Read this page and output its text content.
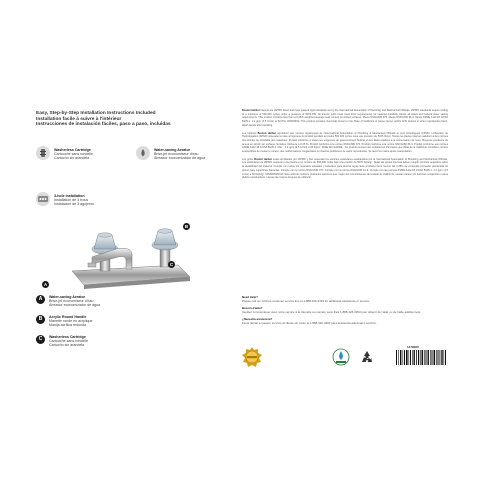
Easy, Step-by-Step Installation Instructions Included
Installation facile à suivre à l'intérieur
Instrucciones de instalación fáciles, paso a paso, incluidas
Washerless Cartridge
Cartouche sans rondelle
Cartucho sin arandela
Water-saving Aerator
Brise-jet économiseur d'eau
Aireador economizador de agua
3-hole Installation
Installation de 3 trous
Instalación de 3 agujeros
A
B
C
A	Water-saving Aerator
Brise-jet économiseur d'eau
Aireador economizador de agua
B	Acrylic Round Handle
Manette ronde en acrylique
Manija acrílica redonda
C	Washerless Cartridge
Cartouche sans rondelle
Cartucho sin arandela

Boston Harbor faucets are IAPMO listed and have passed rigid standards set by the International Association of Plumbing and Mechanical Officials. IAPMO standards require testing to a minimum of 500,000 cycles under a pressure of 50±5 PSI. All interior parts must meet strict requirements for material durability. Meets all states and federal water saving requirements. This product contains less than a 0.25% weighted average lead content on wetted surfaces. Meets NSF/ANSI 372. Meets NSF/ANSI 61-9. Meets ASME A112.18.1/CSA B125.1. 1.2 gpm (4.5 L/min) at 60 PSI. WARNING: This product contains chemicals known to the State of California to cause cancer and/or birth defects or other reproductive harm. Wash hands after handling.

Les robinets Boston Harbor répondent aux normes rigoureuses de l'International Association of Plumbing & Mechanical Officials et sont homologués IAPMO. L'obtention de l'homologation IAPMO nécessite la mise à l'épreuve du produit pendant au moins 500 000 cycles sous une pression de 50±5 lb/po². Toutes les pièces internes satisfont à des normes très strictes de durabilité des matériaux. Produit conforme à toutes les exigences du gouvernement fédéral et des États relatives à la conservation de l'eau. Moyenne pondérée du teneur en plomb sur surfaces humides inférieure à 0,25 %. Produit conforme à la norme NSF/ANSI 372. Produit conforme à la norme NSF/ANSI 61-9. Produit conforme aux normes ASME A112.18.1/CSA B125.1. Max : 1,2 gpm (4,5 L/min) à 60 lb/po². MISE EN GARDE : Ce produit contient des substances chimiques que l'État de la Californie considère comme susceptibles de causer le cancer, des malformations congénitales ou d'autres problèmes de santé reproductive. Se laver les mains après manipulation.

Los grifos Boston Harbor están aprobados por IAPMO y han superado los estrictos estándares establecidos por la International Association of Plumbing and Mechanical Officials. Los estándares de IAPMO requieren una prueba a un mínimo de 500,000 ciclos bajo una presión de 50±5 lb/pulg². Todas las partes internas deben cumplir estrictos requisitos sobre la durabilidad del material. Cumple con todos los requisitos estatales y federales para ahorrar agua. Este producto tiene menos del 0.25% de contenido promedio ponderado de plomo para superficies húmedas. Cumple con la norma NSF/ANSI 372. Cumple con la norma NSF/ANSI 61-9. Cumple con las normas ASME A112.18.1/CSA B125.1. 1.2 gpm (4.5 L/min) a 60 lb/pulg². ADVERTENCIA: Este artículo contiene productos químicos que, según los conocimientos del estado de California, causan cáncer y/o defectos congénitos u otros daños reproductivos. Lávese las manos después de utilizarlo.

Need Help?
Please call our toll-free customer service line at 1-888-326-3393 for additional assistance or service.

Besoin d'aide?
Veuillez communiquer avec notre service à la clientèle au numéro sans frais 1-888-326-3393 pour obtenir de l'aide ou de l'aide additionnels.

¿Necesita asistencia?
Favor llamar a nuestro servicio al cliente sin costo al 1-888-326-3393 para asistencia adicional o servicio.

1479000
